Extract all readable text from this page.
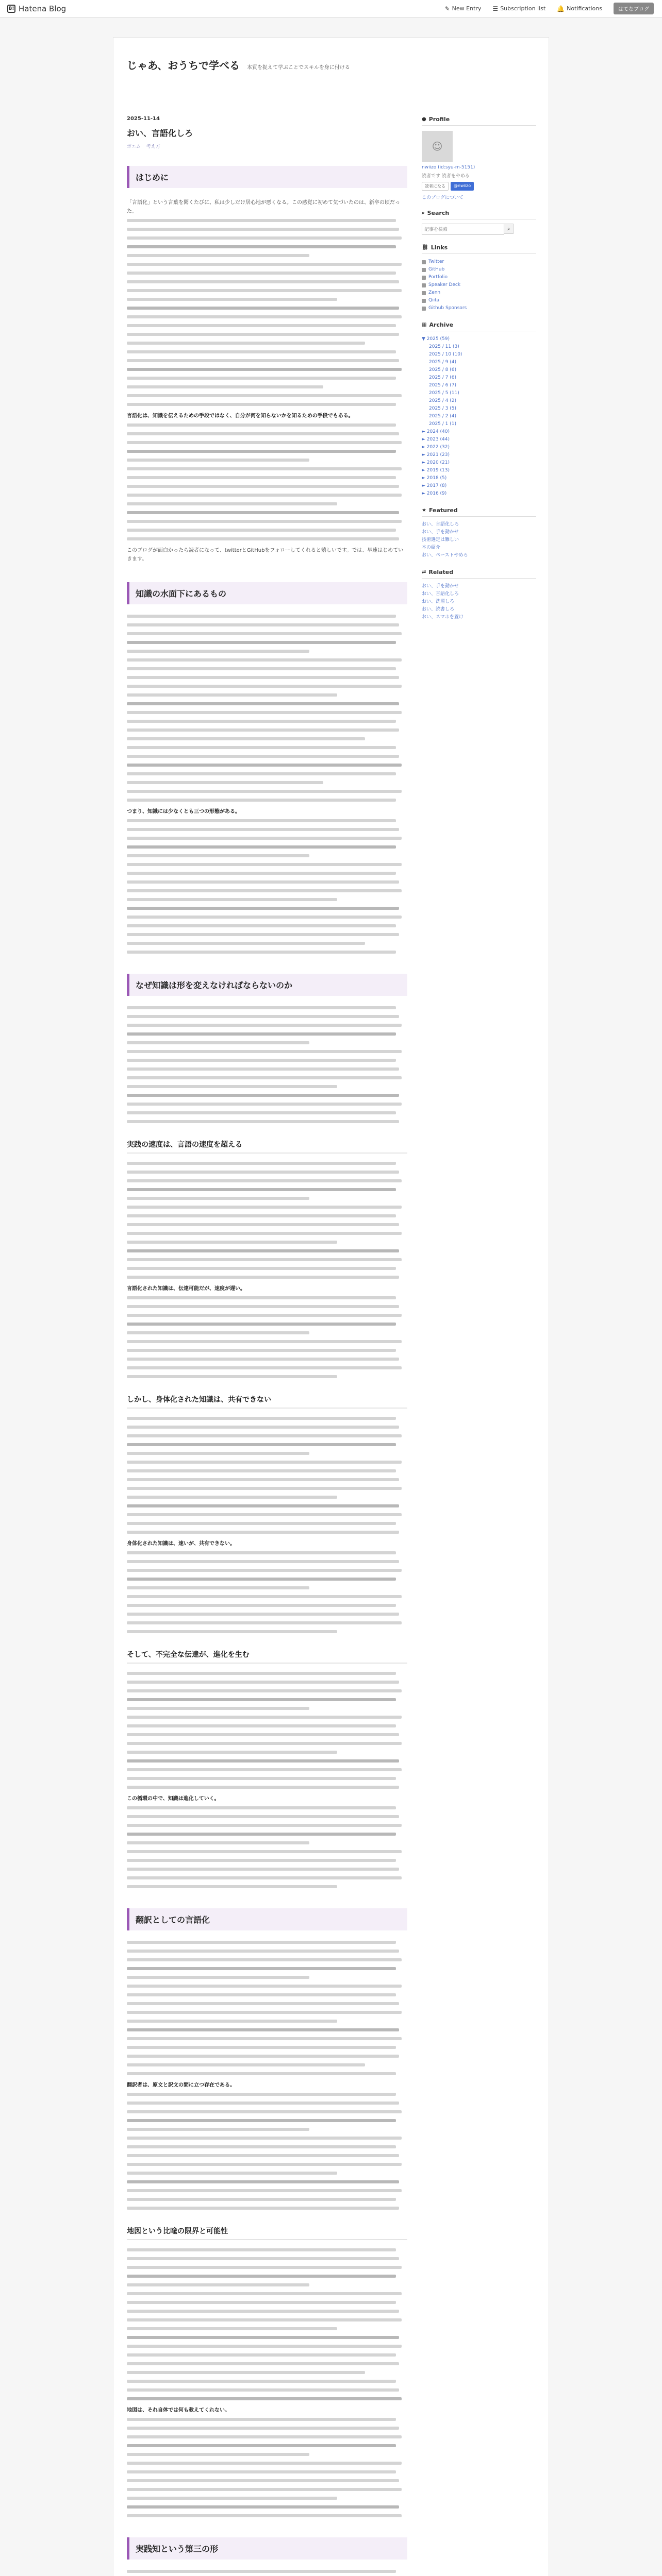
B! Hatena Blog	✎ New Entry ☰ Subscription list 🔔 Notifications	はてなブログ
じゃあ、おうちで学べる 本質を捉えて学ぶことでスキルを身に付ける
2025-11-14
おい、言語化しろ
ポエム 考え方
はじめに
「言語化」という言葉を聞くたびに、私は少しだけ居心地が悪くなる。この感覚に初めて気づいたのは、新卒の頃だった。
言語化は、知識を伝えるための手段ではなく、自分が何を知らないかを知るための手段でもある。
このブログが面白かったら読者になって、twitterとGitHubをフォローしてくれると嬉しいです。では、早速はじめていきます。
知識の水面下にあるもの
つまり、知識には少なくとも三つの形態がある。
なぜ知識は形を変えなければならないのか
実践の速度は、言語の速度を超える
言語化された知識は、伝達可能だが、速度が遅い。
しかし、身体化された知識は、共有できない
身体化された知識は、速いが、共有できない。
そして、不完全な伝達が、進化を生む
この循環の中で、知識は進化していく。
翻訳としての言語化
翻訳者は、原文と訳文の間に立つ存在である。
地図という比喩の限界と可能性
地図は、それ自体では何も教えてくれない。
実践知という第三の形
● Profile
☺
nwiizo (id:syu-m-5151)
読者です 読者をやめる
読者になる	@nwiizo
このブログについて
⌕ Search
記事を検索
⌕
⛓ Links
Twitter
GitHub
Portfolio
Speaker Deck
Zenn
Qiita
Github Sponsors
▦ Archive
▼ 2025 (59)
2025 / 11 (3)
2025 / 10 (10)
2025 / 9 (4)
2025 / 8 (6)
2025 / 7 (6)
2025 / 6 (7)
2025 / 5 (11)
2025 / 4 (2)
2025 / 3 (5)
2025 / 2 (4)
2025 / 1 (1)
► 2024 (40)
► 2023 (44)
► 2022 (32)
► 2021 (23)
► 2020 (21)
► 2019 (13)
► 2018 (5)
► 2017 (8)
► 2016 (9)
★ Featured
おい、言語化しろ
おい、手を動かせ
技術選定は難しい
本の紹介
おい、ペーストやめろ
⇄ Related
おい、手を動かせ
おい、言語化しろ
おい、洗濯しろ
おい、読書しろ
おい、スマホを置け
